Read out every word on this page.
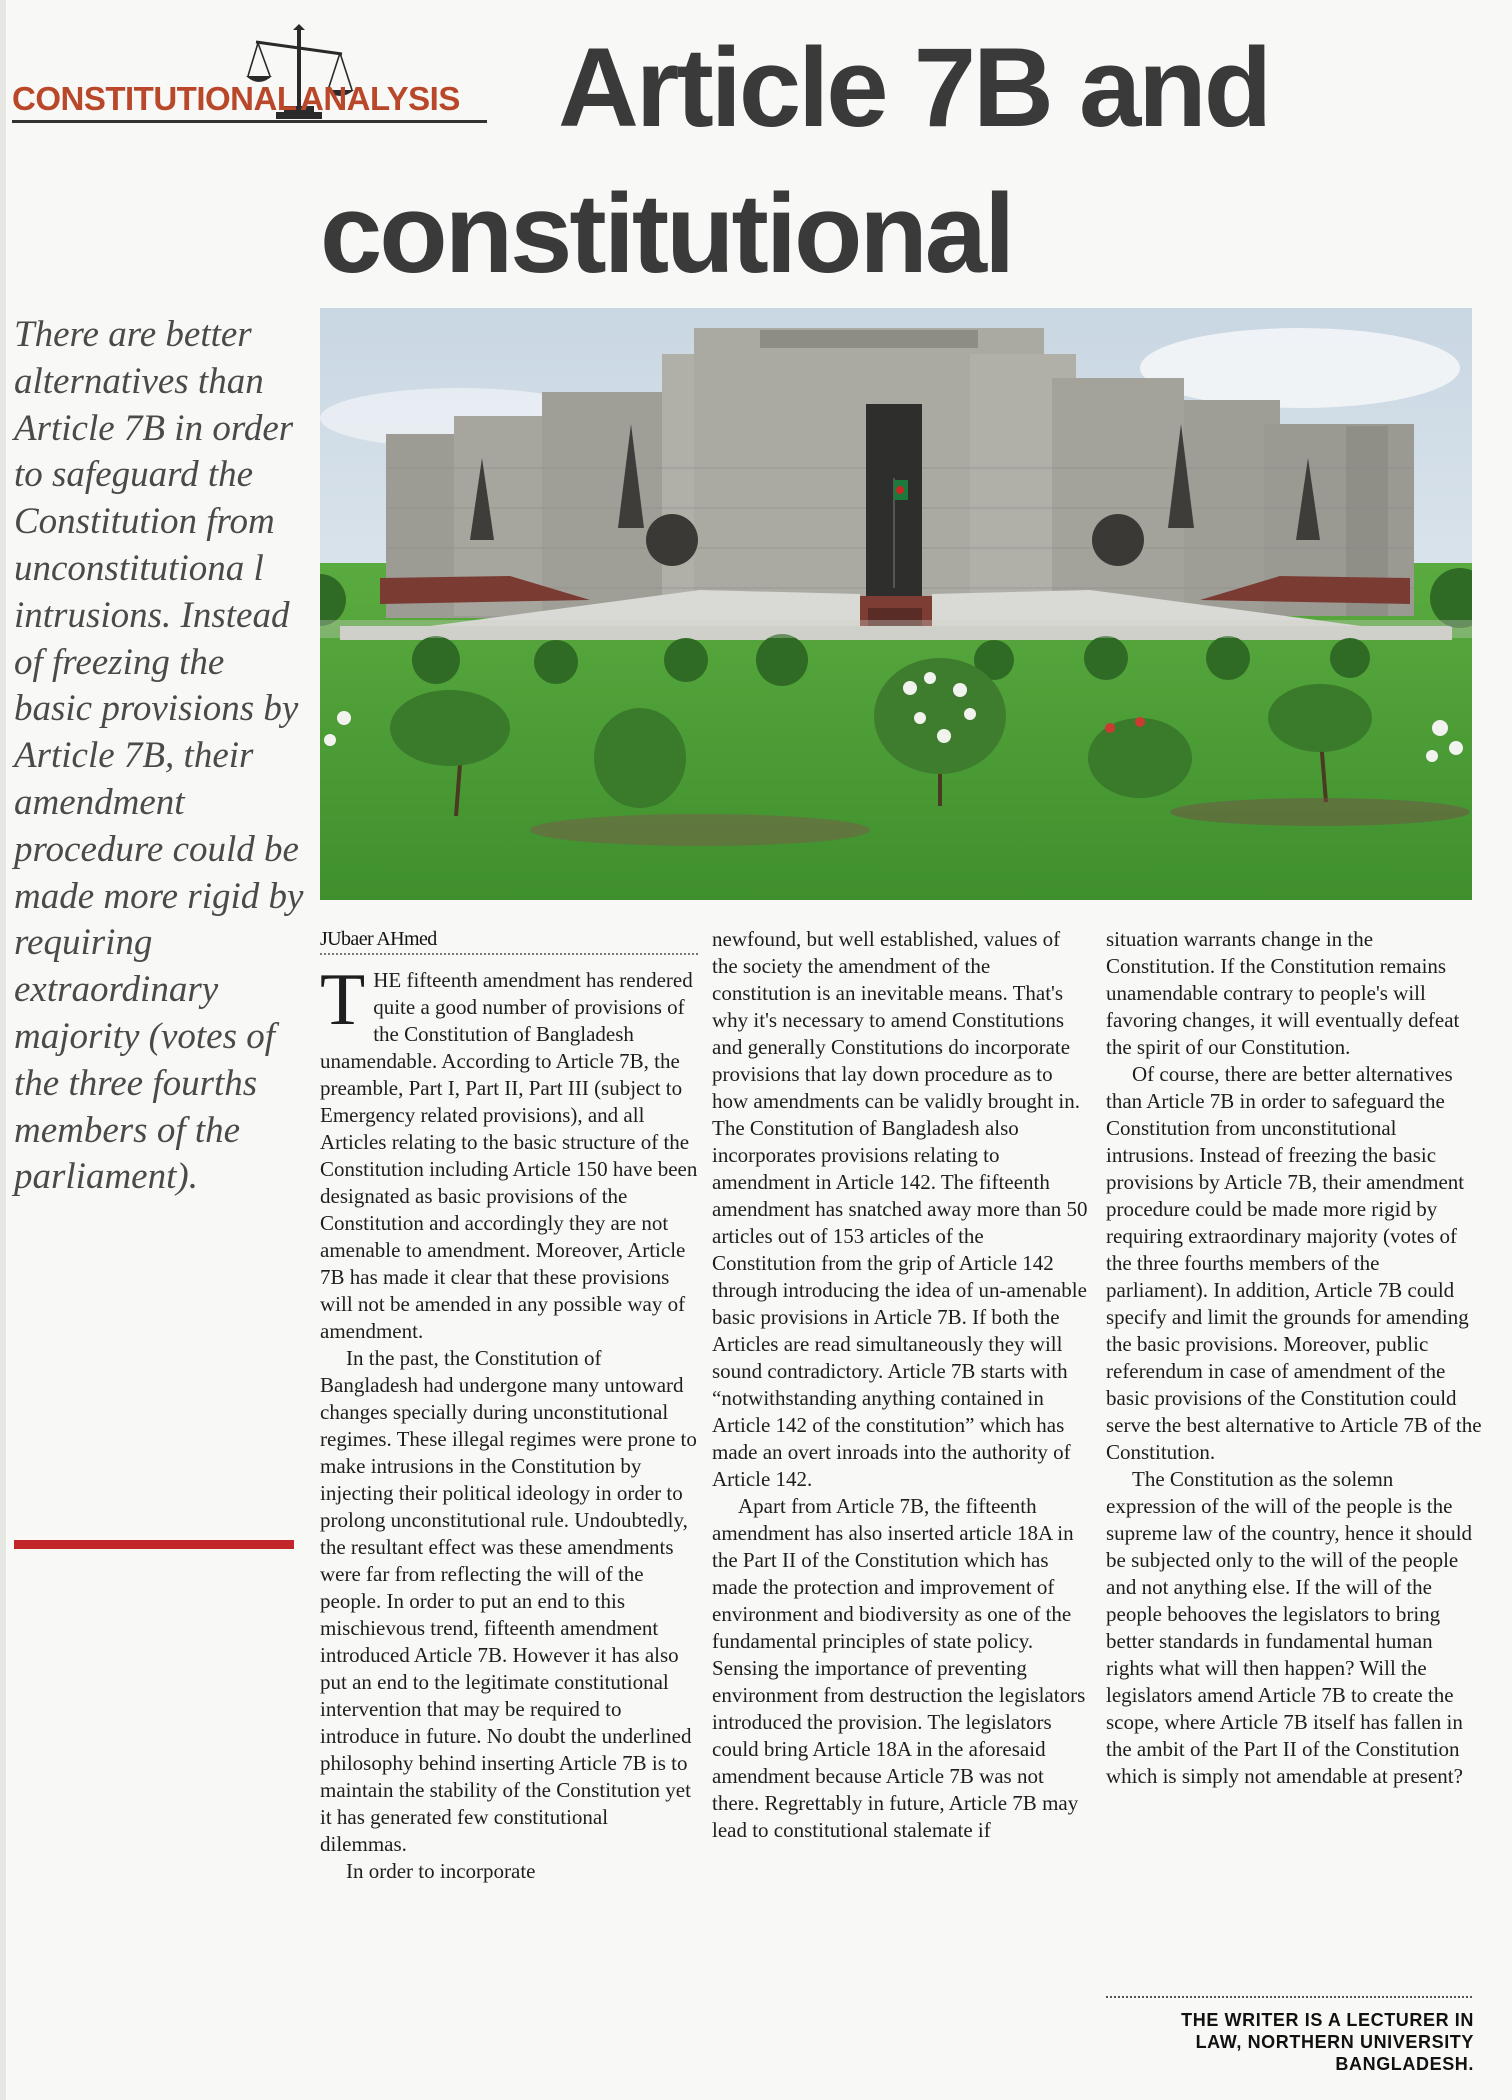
CONSTITUTIONAL ANALYSIS Article 7B and
constitutional

There are better alternatives than Article 7B in order to safeguard the Constitution from unconstitutiona l intrusions. Instead of freezing the basic provisions by Article 7B, their amendment procedure could be made more rigid by requiring extraordinary majority (votes of the three fourths members of the parliament).

JUbaer AHmed
T HE fifteenth amendment has rendered quite a good number of provisions of the Constitution of Bangladesh unamendable. According to Article 7B, the preamble, Part I, Part II, Part III (subject to Emergency related provisions), and all Articles relating to the basic structure of the Constitution including Article 150 have been designated as basic provisions of the Constitution and accordingly they are not amenable to amendment. Moreover, Article 7B has made it clear that these provisions will not be amended in any possible way of amendment.

In the past, the Constitution of Bangladesh had undergone many untoward changes specially during unconstitutional regimes. These illegal regimes were prone to make intrusions in the Constitution by injecting their political ideology in order to prolong unconstitutional rule. Undoubtedly, the resultant effect was these amendments were far from reflecting the will of the people. In order to put an end to this mischievous trend, fifteenth amendment introduced Article 7B. However it has also put an end to the legitimate constitutional intervention that may be required to introduce in future. No doubt the underlined philosophy behind inserting Article 7B is to maintain the stability of the Constitution yet it has generated few constitutional dilemmas.

In order to incorporate

newfound, but well established, values of the society the amendment of the constitution is an inevitable means. That's why it's necessary to amend Constitutions and generally Constitutions do incorporate provisions that lay down procedure as to how amendments can be validly brought in. The Constitution of Bangladesh also incorporates provisions relating to amendment in Article 142. The fifteenth amendment has snatched away more than 50 articles out of 153 articles of the Constitution from the grip of Article 142 through introducing the idea of un-amenable basic provisions in Article 7B. If both the Articles are read simultaneously they will sound contradictory. Article 7B starts with “notwithstanding anything contained in Article 142 of the constitution” which has made an overt inroads into the authority of Article 142.

Apart from Article 7B, the fifteenth amendment has also inserted article 18A in the Part II of the Constitution which has made the protection and improvement of environment and biodiversity as one of the fundamental principles of state policy. Sensing the importance of preventing environment from destruction the legislators introduced the provision. The legislators could bring Article 18A in the aforesaid amendment because Article 7B was not there. Regrettably in future, Article 7B may lead to constitutional stalemate if

situation warrants change in the Constitution. If the Constitution remains unamendable contrary to people's will favoring changes, it will eventually defeat the spirit of our Constitution.

Of course, there are better alternatives than Article 7B in order to safeguard the Constitution from unconstitutional intrusions. Instead of freezing the basic provisions by Article 7B, their amendment procedure could be made more rigid by requiring extraordinary majority (votes of the three fourths members of the parliament). In addition, Article 7B could specify and limit the grounds for amending the basic provisions. Moreover, public referendum in case of amendment of the basic provisions of the Constitution could serve the best alternative to Article 7B of the Constitution.

The Constitution as the solemn expression of the will of the people is the supreme law of the country, hence it should be subjected only to the will of the people and not anything else. If the will of the people behooves the legislators to bring better standards in fundamental human rights what will then happen? Will the legislators amend Article 7B to create the scope, where Article 7B itself has fallen in the ambit of the Part II of the Constitution which is simply not amendable at present?

THE WRITER IS A LECTURER IN
LAW, NORTHERN UNIVERSITY
BANGLADESH.
